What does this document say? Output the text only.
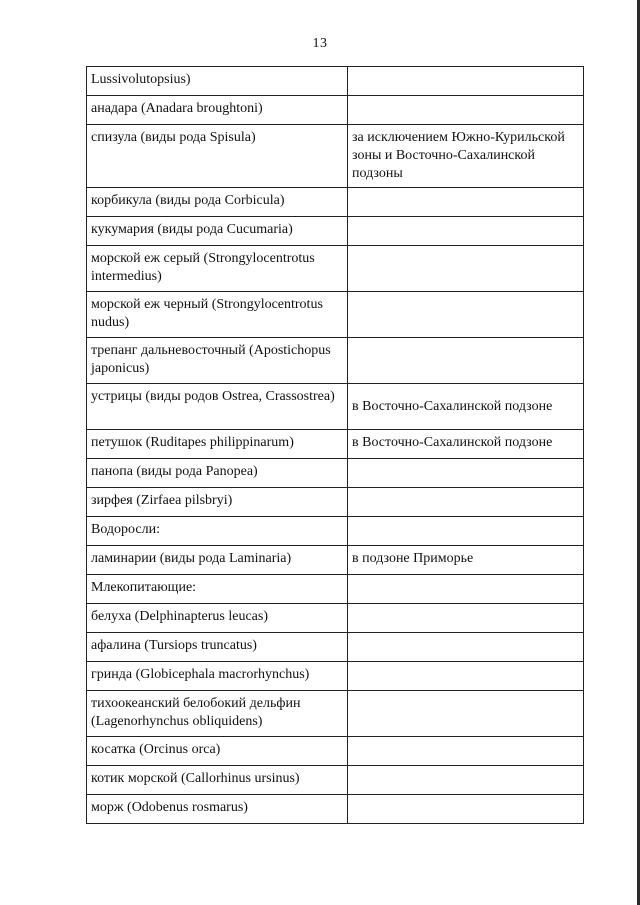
13
Lussivolutopsius)	
анадара (Anadara broughtoni)	
спизула (виды рода Spisula)	за исключением Южно-Курильской зоны и Восточно-Сахалинской подзоны
корбикула (виды рода Corbicula)	
кукумария (виды рода Cucumaria)	
морской еж серый (Strongylocentrotus intermedius)	
морской еж черный (Strongylocentrotus nudus)	
трепанг дальневосточный (Apostichopus japonicus)	
устрицы (виды родов Ostrea, Crassostrea)	в Восточно-Сахалинской подзоне
петушок (Ruditapes philippinarum)	в Восточно-Сахалинской подзоне
панопа (виды рода Panopea)	
зирфея (Zirfaea pilsbryi)	
Водоросли:	
ламинарии (виды рода Laminaria)	в подзоне Приморье
Млекопитающие:	
белуха (Delphinapterus leucas)	
афалина (Tursiops truncatus)	
гринда (Globicephala macrorhynchus)	
тихоокеанский белобокий дельфин (Lagenorhynchus obliquidens)	
косатка (Orcinus orca)	
котик морской (Callorhinus ursinus)	
морж (Odobenus rosmarus)	
